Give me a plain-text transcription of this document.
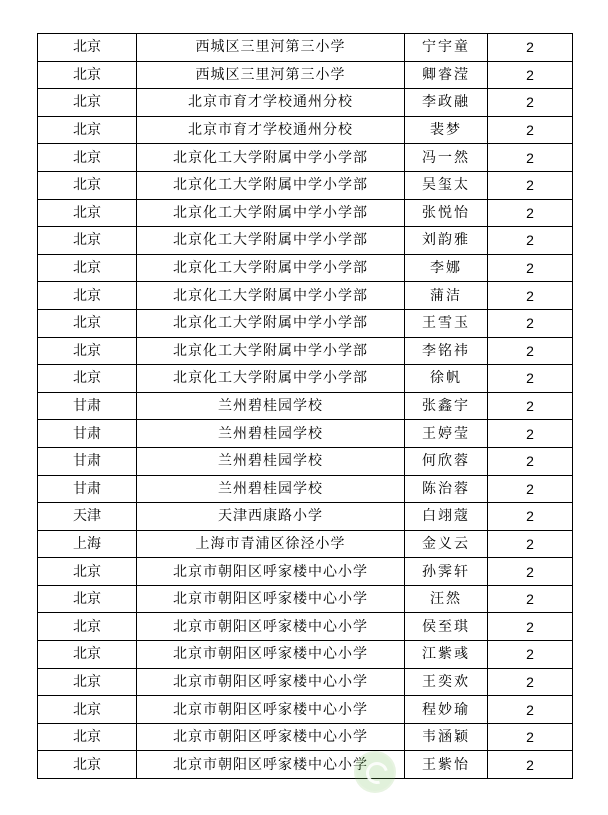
北京	西城区三里河第三小学	宁宇童	2
北京	西城区三里河第三小学	卿睿滢	2
北京	北京市育才学校通州分校	李政融	2
北京	北京市育才学校通州分校	裴梦	2
北京	北京化工大学附属中学小学部	冯一然	2
北京	北京化工大学附属中学小学部	吴玺太	2
北京	北京化工大学附属中学小学部	张悦怡	2
北京	北京化工大学附属中学小学部	刘韵雅	2
北京	北京化工大学附属中学小学部	李娜	2
北京	北京化工大学附属中学小学部	蒲洁	2
北京	北京化工大学附属中学小学部	王雪玉	2
北京	北京化工大学附属中学小学部	李铭祎	2
北京	北京化工大学附属中学小学部	徐帆	2
甘肃	兰州碧桂园学校	张鑫宇	2
甘肃	兰州碧桂园学校	王婷莹	2
甘肃	兰州碧桂园学校	何欣蓉	2
甘肃	兰州碧桂园学校	陈治蓉	2
天津	天津西康路小学	白翊蔻	2
上海	上海市青浦区徐泾小学	金义云	2
北京	北京市朝阳区呼家楼中心小学	孙霁轩	2
北京	北京市朝阳区呼家楼中心小学	汪然	2
北京	北京市朝阳区呼家楼中心小学	侯至琪	2
北京	北京市朝阳区呼家楼中心小学	江紫彧	2
北京	北京市朝阳区呼家楼中心小学	王奕欢	2
北京	北京市朝阳区呼家楼中心小学	程妙瑜	2
北京	北京市朝阳区呼家楼中心小学	韦涵颖	2
北京	北京市朝阳区呼家楼中心小学	王紫怡	2
